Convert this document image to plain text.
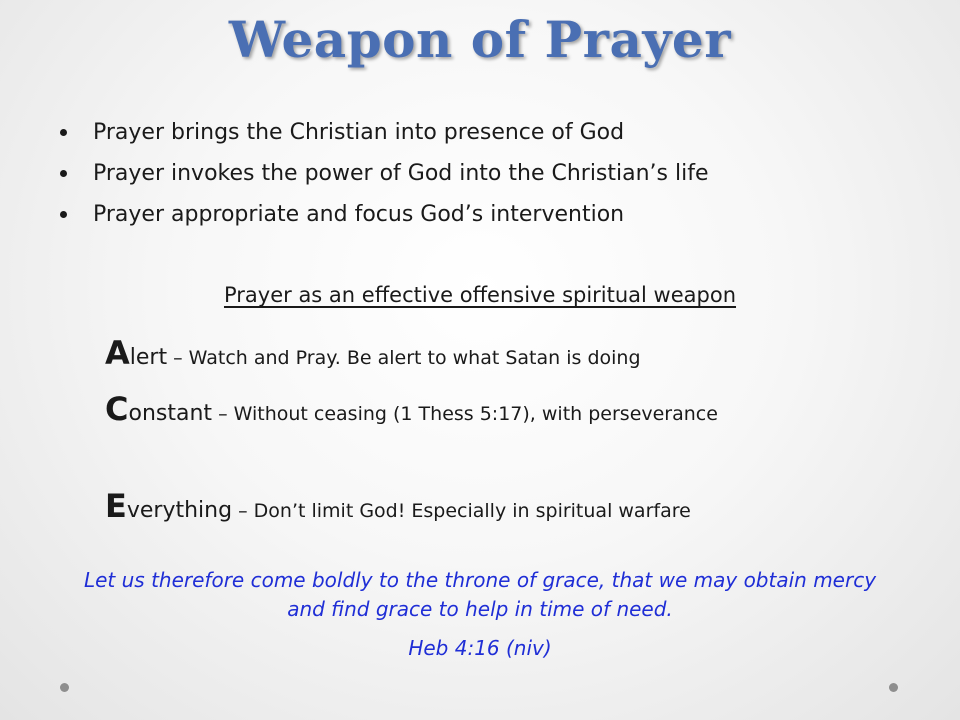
Weapon of Prayer
Prayer brings the Christian into presence of God
Prayer invokes the power of God into the Christian’s life
Prayer appropriate and focus God’s intervention
Prayer as an effective offensive spiritual weapon
Alert – Watch and Pray. Be alert to what Satan is doing
Constant – Without ceasing (1 Thess 5:17), with perseverance
Everything – Don’t limit God! Especially in spiritual warfare
Let us therefore come boldly to the throne of grace, that we may obtain mercy and find grace to help in time of need.
Heb 4:16 (niv)
